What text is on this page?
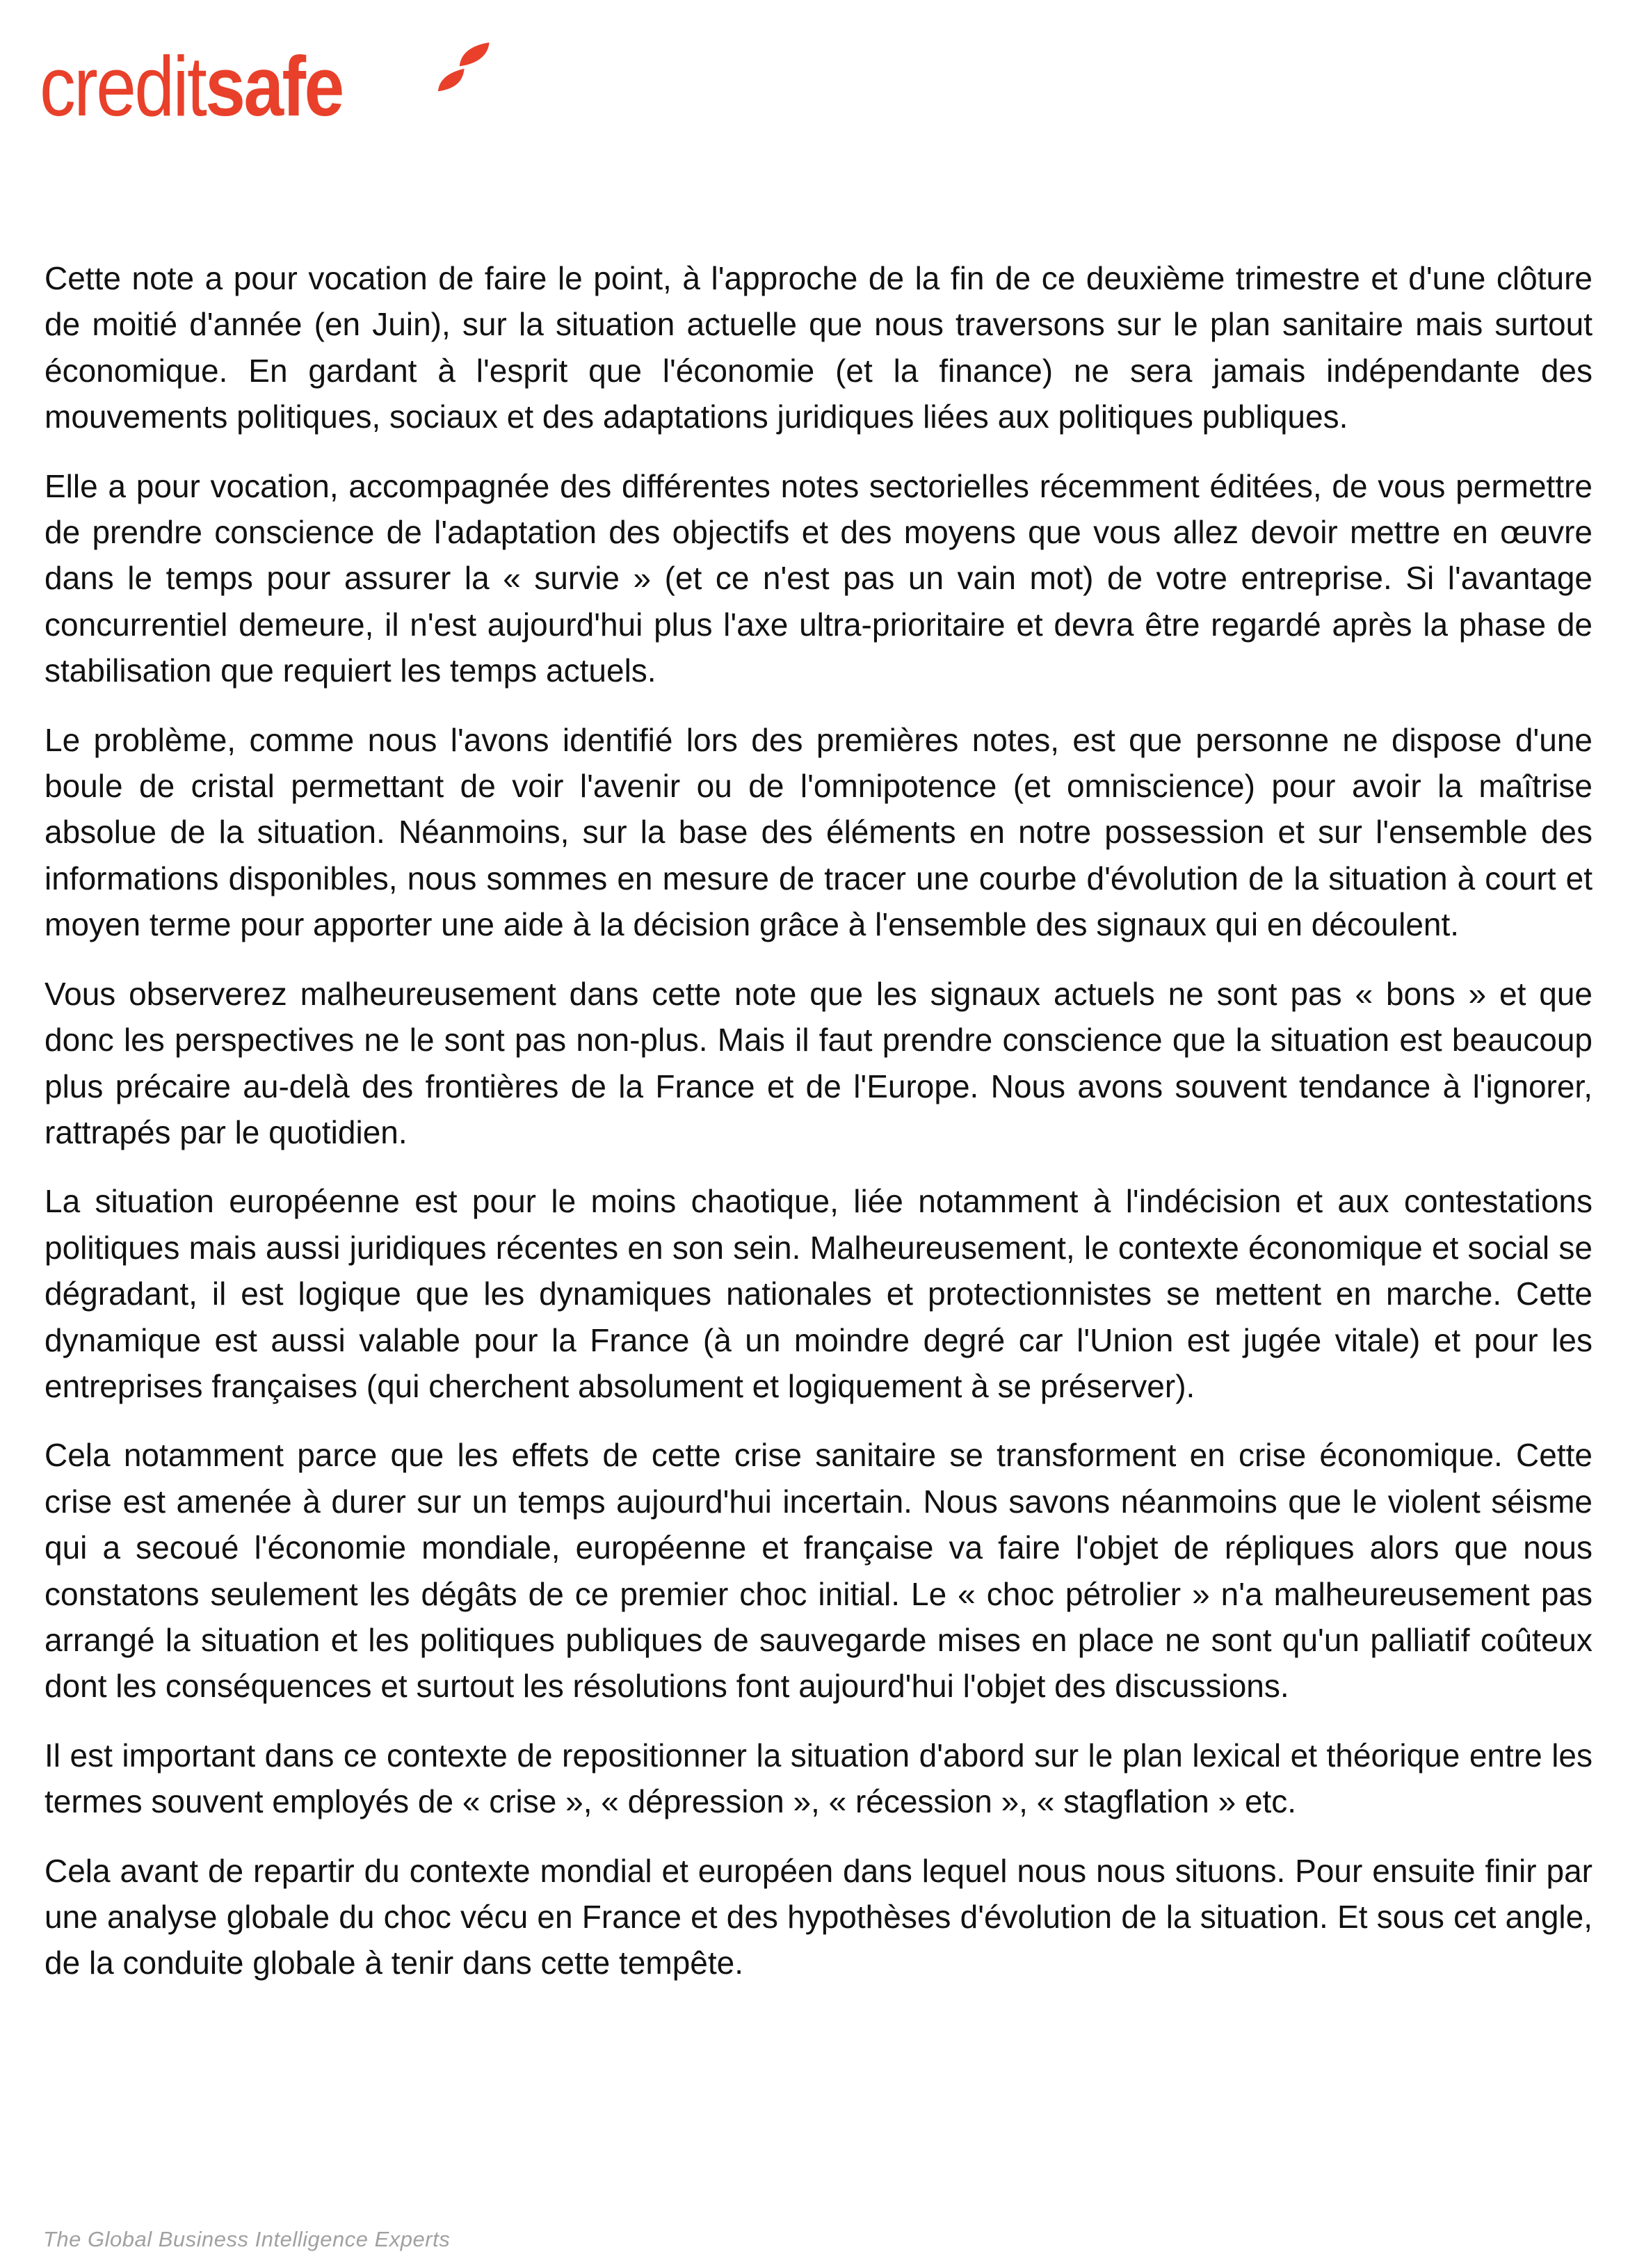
creditsafe

Cette note a pour vocation de faire le point, à l'approche de la fin de ce deuxième trimestre et d'une clôture de moitié d'année (en Juin), sur la situation actuelle que nous traversons sur le plan sanitaire mais surtout économique. En gardant à l'esprit que l'économie (et la finance) ne sera jamais indépendante des mouvements politiques, sociaux et des adaptations juridiques liées aux politiques publiques.

Elle a pour vocation, accompagnée des différentes notes sectorielles récemment éditées, de vous permettre de prendre conscience de l'adaptation des objectifs et des moyens que vous allez devoir mettre en œuvre dans le temps pour assurer la « survie » (et ce n'est pas un vain mot) de votre entreprise. Si l'avantage concurrentiel demeure, il n'est aujourd'hui plus l'axe ultra-prioritaire et devra être regardé après la phase de stabilisation que requiert les temps actuels.

Le problème, comme nous l'avons identifié lors des premières notes, est que personne ne dispose d'une boule de cristal permettant de voir l'avenir ou de l'omnipotence (et omniscience) pour avoir la maîtrise absolue de la situation. Néanmoins, sur la base des éléments en notre possession et sur l'ensemble des informations disponibles, nous sommes en mesure de tracer une courbe d'évolution de la situation à court et moyen terme pour apporter une aide à la décision grâce à l'ensemble des signaux qui en découlent.

Vous observerez malheureusement dans cette note que les signaux actuels ne sont pas « bons » et que donc les perspectives ne le sont pas non-plus. Mais il faut prendre conscience que la situation est beaucoup plus précaire au-delà des frontières de la France et de l'Europe. Nous avons souvent tendance à l'ignorer, rattrapés par le quotidien.

La situation européenne est pour le moins chaotique, liée notamment à l'indécision et aux contestations politiques mais aussi juridiques récentes en son sein. Malheureusement, le contexte économique et social se dégradant, il est logique que les dynamiques nationales et protectionnistes se mettent en marche. Cette dynamique est aussi valable pour la France (à un moindre degré car l'Union est jugée vitale) et pour les entreprises françaises (qui cherchent absolument et logiquement à se préserver).

Cela notamment parce que les effets de cette crise sanitaire se transforment en crise économique. Cette crise est amenée à durer sur un temps aujourd'hui incertain. Nous savons néanmoins que le violent séisme qui a secoué l'économie mondiale, européenne et française va faire l'objet de répliques alors que nous constatons seulement les dégâts de ce premier choc initial. Le « choc pétrolier » n'a malheureusement pas arrangé la situation et les politiques publiques de sauvegarde mises en place ne sont qu'un palliatif coûteux dont les conséquences et surtout les résolutions font aujourd'hui l'objet des discussions.

Il est important dans ce contexte de repositionner la situation d'abord sur le plan lexical et théorique entre les termes souvent employés de « crise », « dépression », « récession », « stagflation » etc.

Cela avant de repartir du contexte mondial et européen dans lequel nous nous situons. Pour ensuite finir par une analyse globale du choc vécu en France et des hypothèses d'évolution de la situation. Et sous cet angle, de la conduite globale à tenir dans cette tempête.

The Global Business Intelligence Experts
